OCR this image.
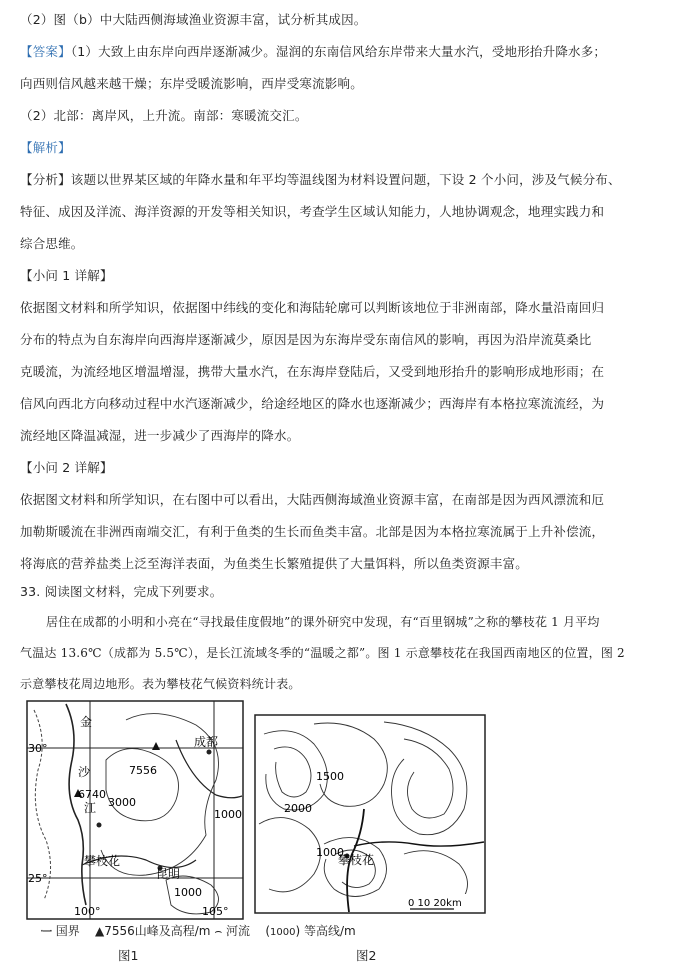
（2）图（b）中大陆西侧海域渔业资源丰富，试分析其成因。
【答案】（1）大致上由东岸向西岸逐渐减少。湿润的东南信风给东岸带来大量水汽，受地形抬升降水多；
向西则信风越来越干燥；东岸受暖流影响，西岸受寒流影响。
（2）北部：离岸风，上升流。南部：寒暖流交汇。
【解析】
【分析】该题以世界某区域的年降水量和年平均等温线图为材料设置问题，下设 2 个小问，涉及气候分布、
特征、成因及洋流、海洋资源的开发等相关知识，考查学生区域认知能力，人地协调观念，地理实践力和
综合思维。
【小问 1 详解】
依据图文材料和所学知识，依据图中纬线的变化和海陆轮廓可以判断该地位于非洲南部，降水量沿南回归
分布的特点为自东海岸向西海岸逐渐减少，原因是因为东海岸受东南信风的影响，再因为沿岸流莫桑比
克暖流，为流经地区增温增湿，携带大量水汽，在东海岸登陆后，又受到地形抬升的影响形成地形雨；在
信风向西北方向移动过程中水汽逐渐减少，给途经地区的降水也逐渐减少；西海岸有本格拉寒流流经，为
流经地区降温减湿，进一步减少了西海岸的降水。
【小问 2 详解】
依据图文材料和所学知识，在右图中可以看出，大陆西侧海域渔业资源丰富，在南部是因为西风漂流和厄
加勒斯暖流在非洲西南端交汇，有利于鱼类的生长而鱼类丰富。北部是因为本格拉寒流属于上升补偿流，
将海底的营养盐类上泛至海洋表面，为鱼类生长繁殖提供了大量饵料，所以鱼类资源丰富。
33. 阅读图文材料，完成下列要求。
居住在成都的小明和小亮在“寻找最佳度假地”的课外研究中发现，有“百里钢城”之称的攀枝花 1 月平均
气温达 13.6℃（成都为 5.5℃），是长江流域冬季的“温暖之都”。图 1 示意攀枝花在我国西南地区的位置，图 2
示意攀枝花周边地形。表为攀枝花气候资料统计表。
金
沙
江
30°
25°
100°	105°
成都
7556
6740
3000
1000
攀枝花
昆明
1000
1500
2000
1000
攀枝花
0 10 20km
·─· 国界 ▲7556山峰及高程/m ⌢ 河流 (1000) 等高线/m
图1	图2
